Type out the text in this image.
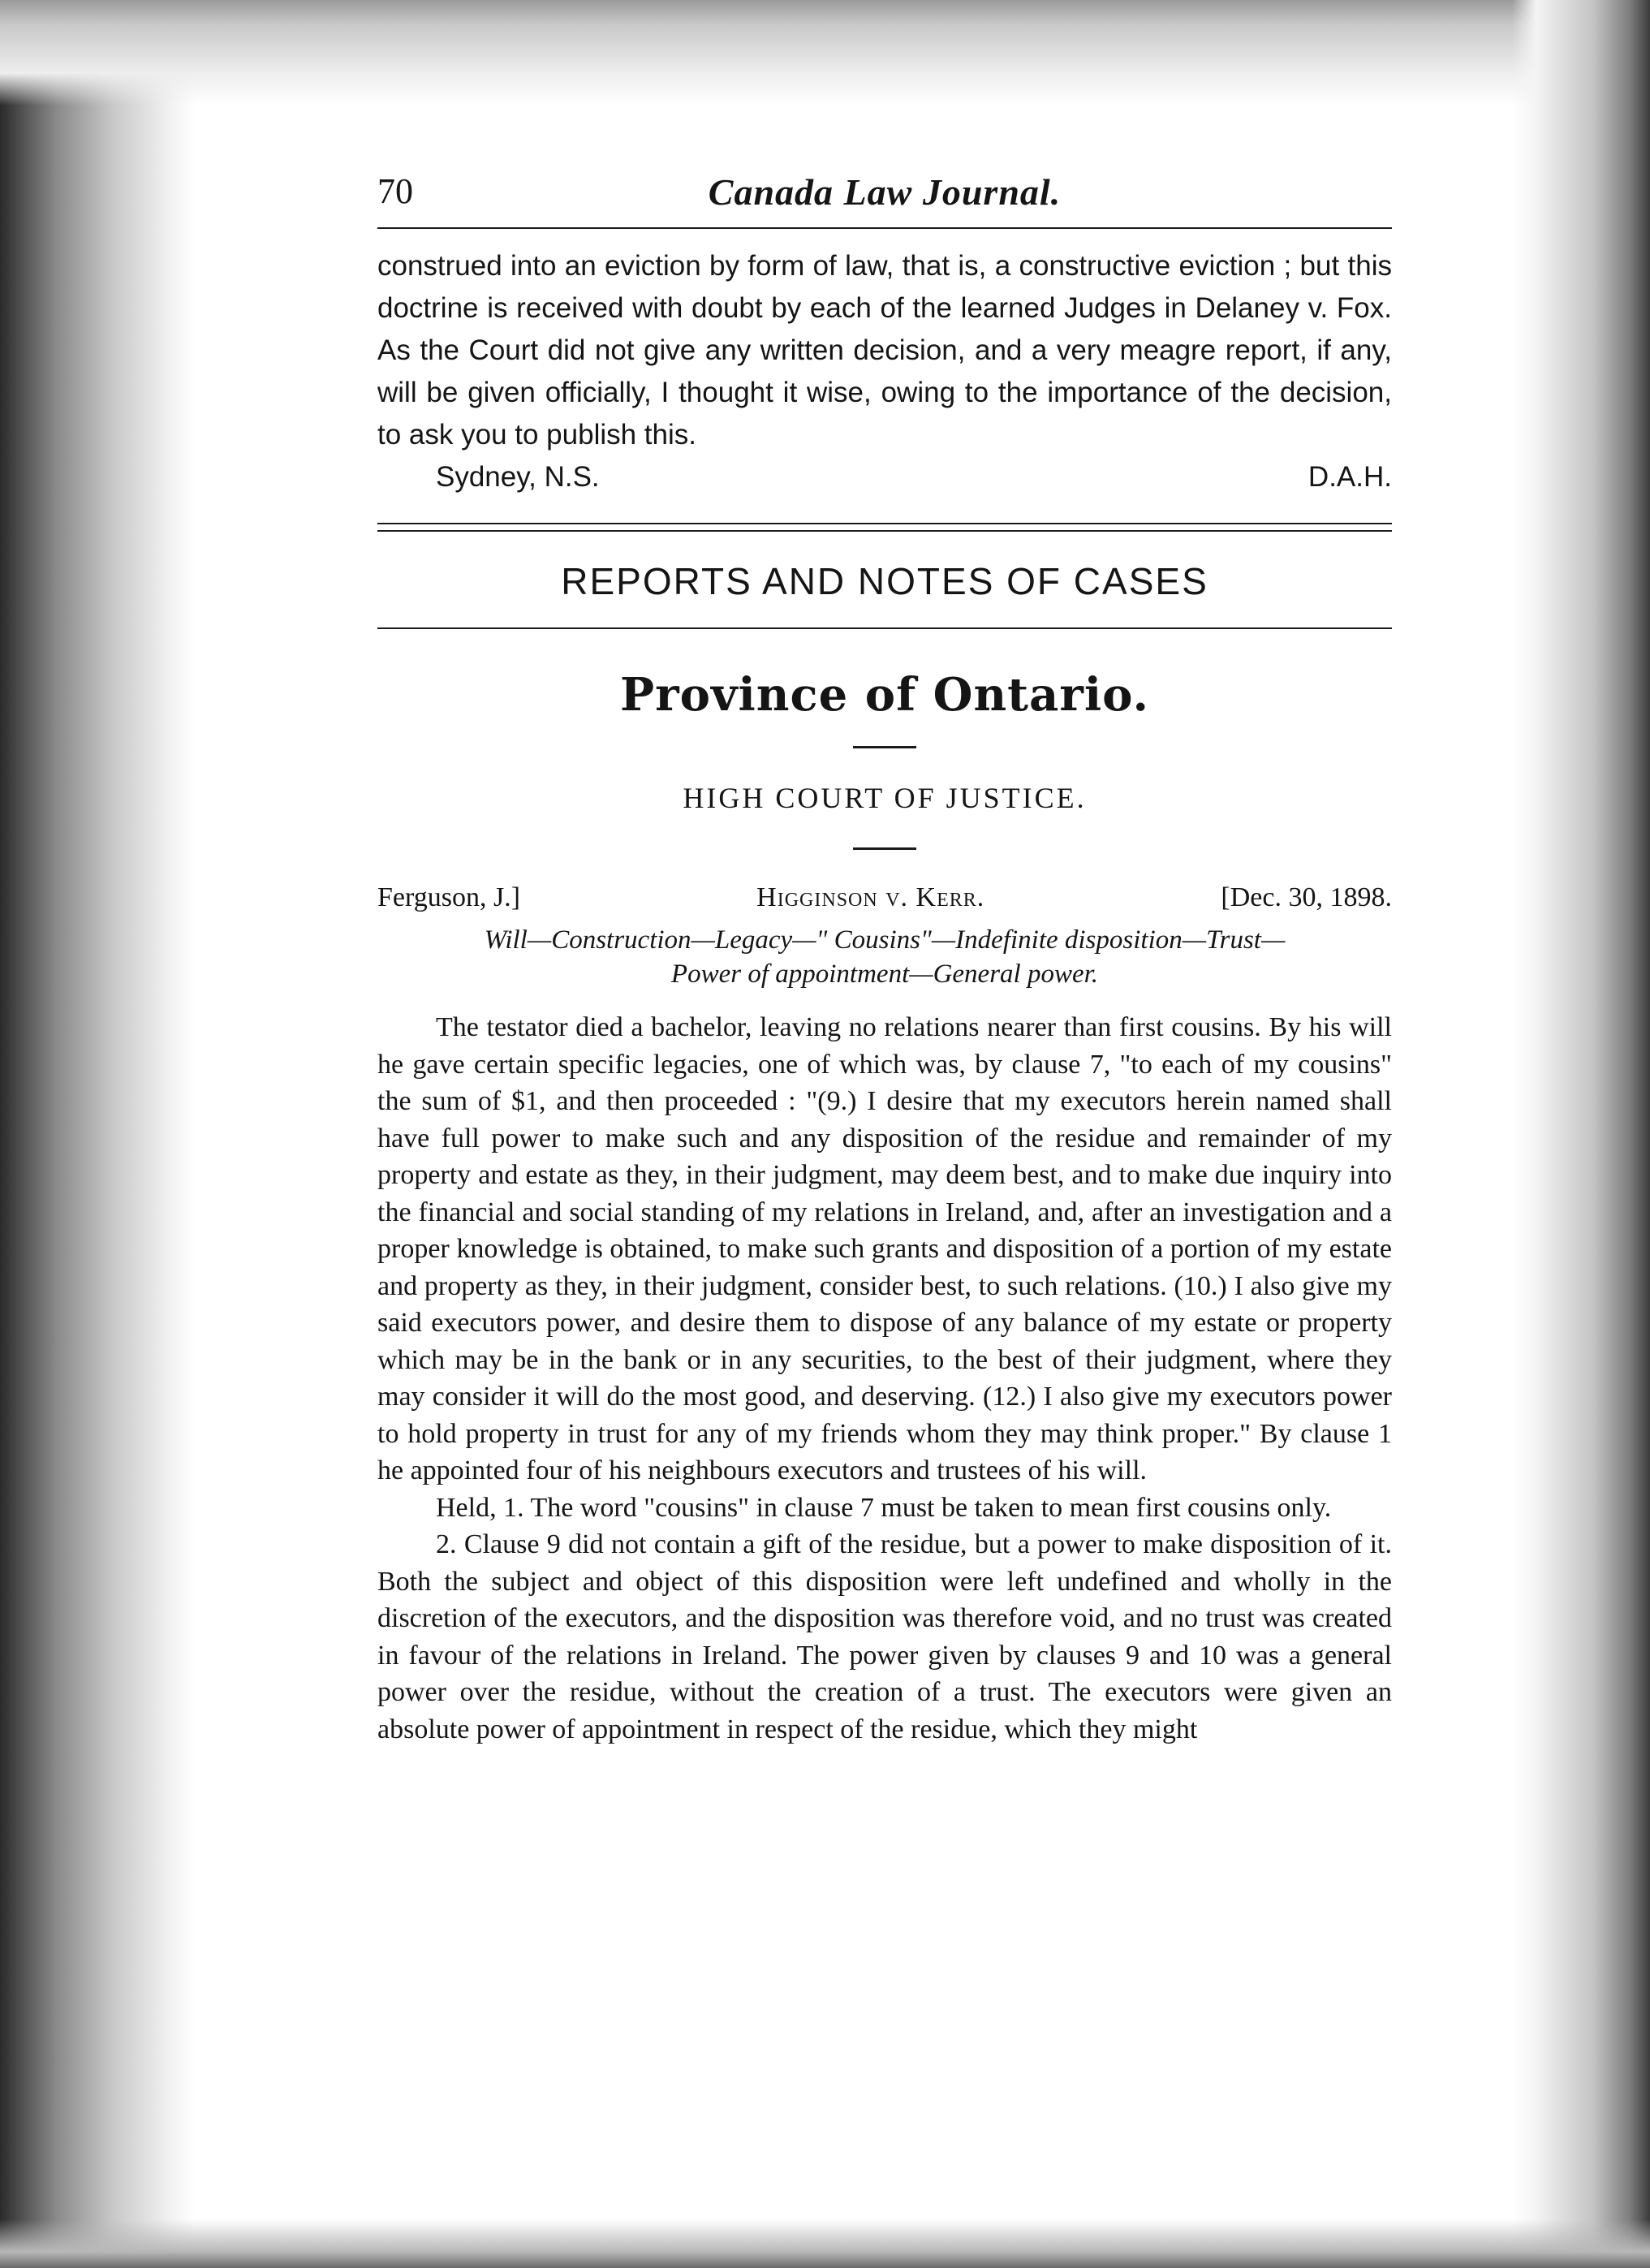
70	Canada Law Journal.

construed into an eviction by form of law, that is, a constructive eviction ; but this doctrine is received with doubt by each of the learned Judges in Delaney v. Fox. As the Court did not give any written decision, and a very meagre report, if any, will be given officially, I thought it wise, owing to the importance of the decision, to ask you to publish this.

Sydney, N.S.	D.A.H.
REPORTS AND NOTES OF CASES
Province of Ontario.
HIGH COURT OF JUSTICE.
Ferguson, J.]	Higginson v. Kerr.	[Dec. 30, 1898.
Will—Construction—Legacy—" Cousins"—Indefinite disposition—Trust—
Power of appointment—General power.

The testator died a bachelor, leaving no relations nearer than first cousins. By his will he gave certain specific legacies, one of which was, by clause 7, "to each of my cousins" the sum of $1, and then proceeded : "(9.) I desire that my executors herein named shall have full power to make such and any disposition of the residue and remainder of my property and estate as they, in their judgment, may deem best, and to make due inquiry into the financial and social standing of my relations in Ireland, and, after an investigation and a proper knowledge is obtained, to make such grants and disposition of a portion of my estate and property as they, in their judgment, consider best, to such relations. (10.) I also give my said executors power, and desire them to dispose of any balance of my estate or property which may be in the bank or in any securities, to the best of their judgment, where they may consider it will do the most good, and deserving. (12.) I also give my executors power to hold property in trust for any of my friends whom they may think proper." By clause 1 he appointed four of his neighbours executors and trustees of his will.

Held, 1. The word "cousins" in clause 7 must be taken to mean first cousins only.

2. Clause 9 did not contain a gift of the residue, but a power to make disposition of it. Both the subject and object of this disposition were left undefined and wholly in the discretion of the executors, and the disposition was therefore void, and no trust was created in favour of the relations in Ireland. The power given by clauses 9 and 10 was a general power over the residue, without the creation of a trust. The executors were given an absolute power of appointment in respect of the residue, which they might
